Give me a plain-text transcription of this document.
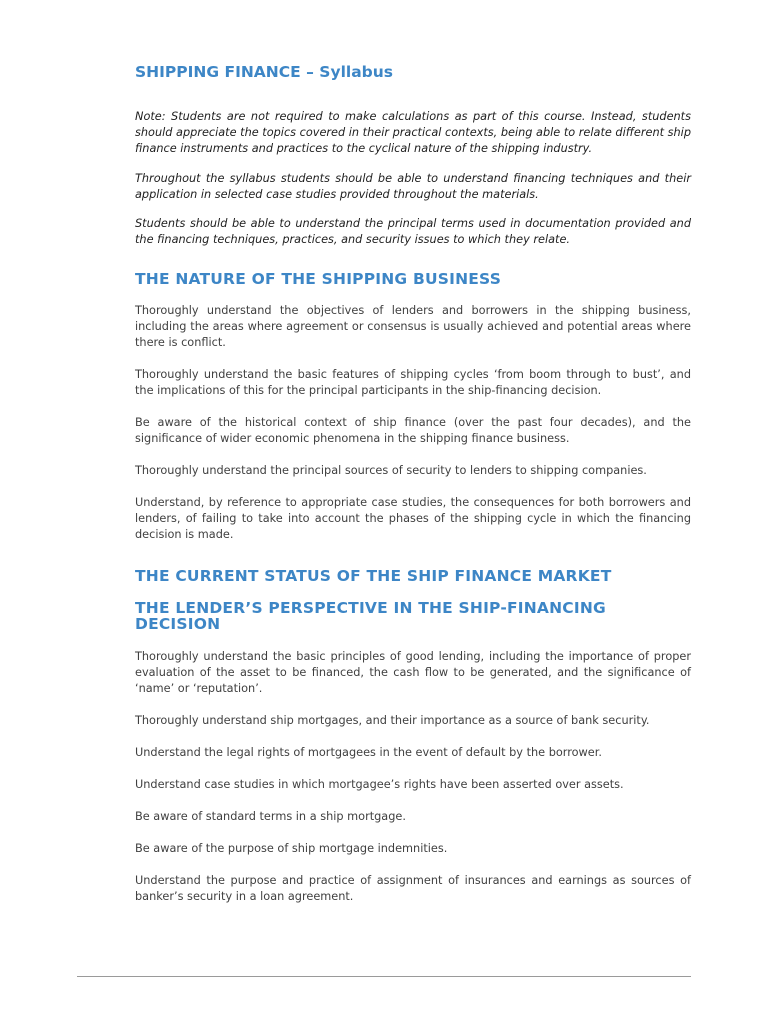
SHIPPING FINANCE – Syllabus

Note: Students are not required to make calculations as part of this course. Instead, students should appreciate the topics covered in their practical contexts, being able to relate different ship finance instruments and practices to the cyclical nature of the shipping industry.

Throughout the syllabus students should be able to understand financing techniques and their application in selected case studies provided throughout the materials.

Students should be able to understand the principal terms used in documentation provided and the financing techniques, practices, and security issues to which they relate.

THE NATURE OF THE SHIPPING BUSINESS

Thoroughly understand the objectives of lenders and borrowers in the shipping business, including the areas where agreement or consensus is usually achieved and potential areas where there is conflict.

Thoroughly understand the basic features of shipping cycles ‘from boom through to bust’, and the implications of this for the principal participants in the ship-financing decision.

Be aware of the historical context of ship finance (over the past four decades), and the significance of wider economic phenomena in the shipping finance business.

Thoroughly understand the principal sources of security to lenders to shipping companies.

Understand, by reference to appropriate case studies, the consequences for both borrowers and lenders, of failing to take into account the phases of the shipping cycle in which the financing decision is made.

THE CURRENT STATUS OF THE SHIP FINANCE MARKET
THE LENDER’S PERSPECTIVE IN THE SHIP-FINANCING DECISION

Thoroughly understand the basic principles of good lending, including the importance of proper evaluation of the asset to be financed, the cash flow to be generated, and the significance of ‘name’ or ‘reputation’.

Thoroughly understand ship mortgages, and their importance as a source of bank security.

Understand the legal rights of mortgagees in the event of default by the borrower.

Understand case studies in which mortgagee’s rights have been asserted over assets.

Be aware of standard terms in a ship mortgage.

Be aware of the purpose of ship mortgage indemnities.

Understand the purpose and practice of assignment of insurances and earnings as sources of banker’s security in a loan agreement.
